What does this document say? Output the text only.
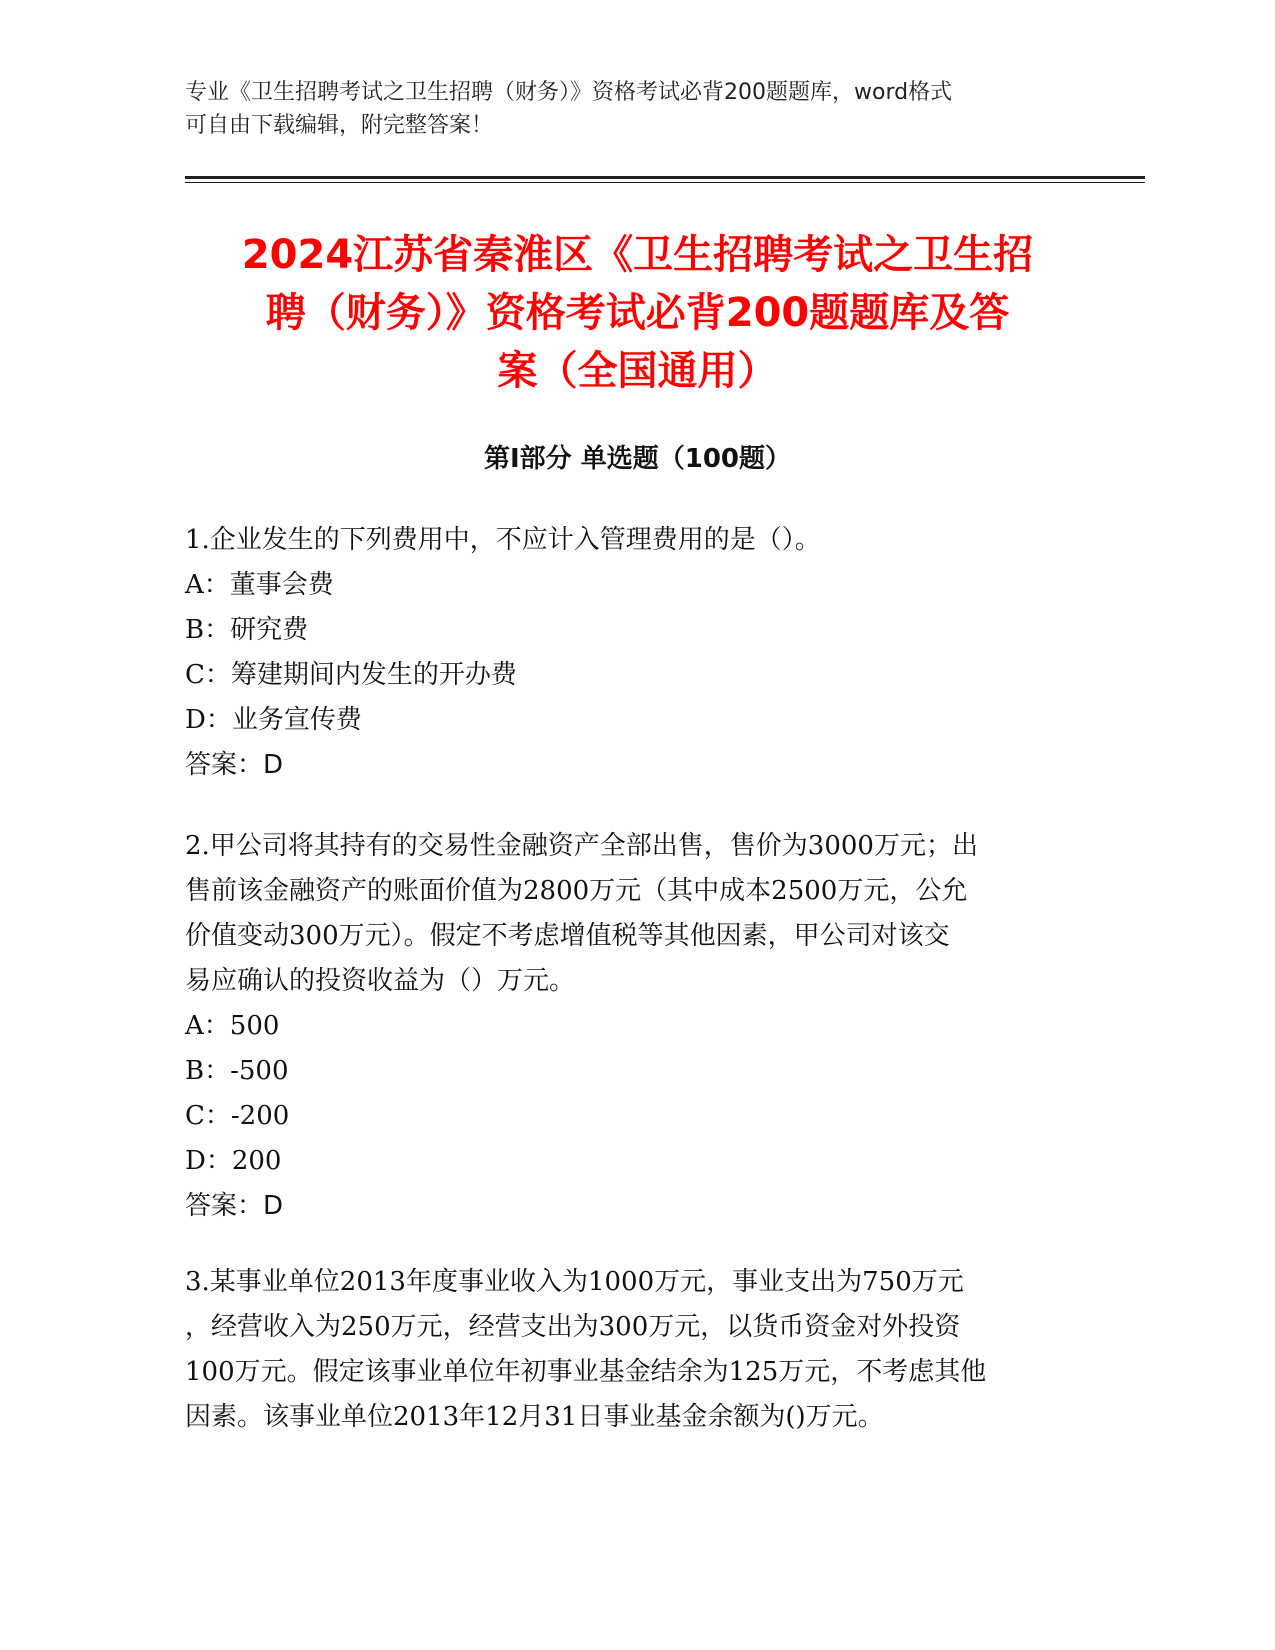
专业《卫生招聘考试之卫生招聘（财务）》资格考试必背200题题库，word格式
可自由下载编辑，附完整答案！
2024江苏省秦淮区《卫生招聘考试之卫生招
聘（财务）》资格考试必背200题题库及答
案（全国通用）
第I部分 单选题（100题）
1.企业发生的下列费用中，不应计入管理费用的是（）。
A：董事会费
B：研究费
C：筹建期间内发生的开办费
D：业务宣传费
答案：D
2.甲公司将其持有的交易性金融资产全部出售，售价为3000万元；出
售前该金融资产的账面价值为2800万元（其中成本2500万元，公允
价值变动300万元）。假定不考虑增值税等其他因素，甲公司对该交
易应确认的投资收益为（）万元。
A：500
B：-500
C：-200
D：200
答案：D
3.某事业单位2013年度事业收入为1000万元，事业支出为750万元
，经营收入为250万元，经营支出为300万元，以货币资金对外投资
100万元。假定该事业单位年初事业基金结余为125万元，不考虑其他
因素。该事业单位2013年12月31日事业基金余额为()万元。
